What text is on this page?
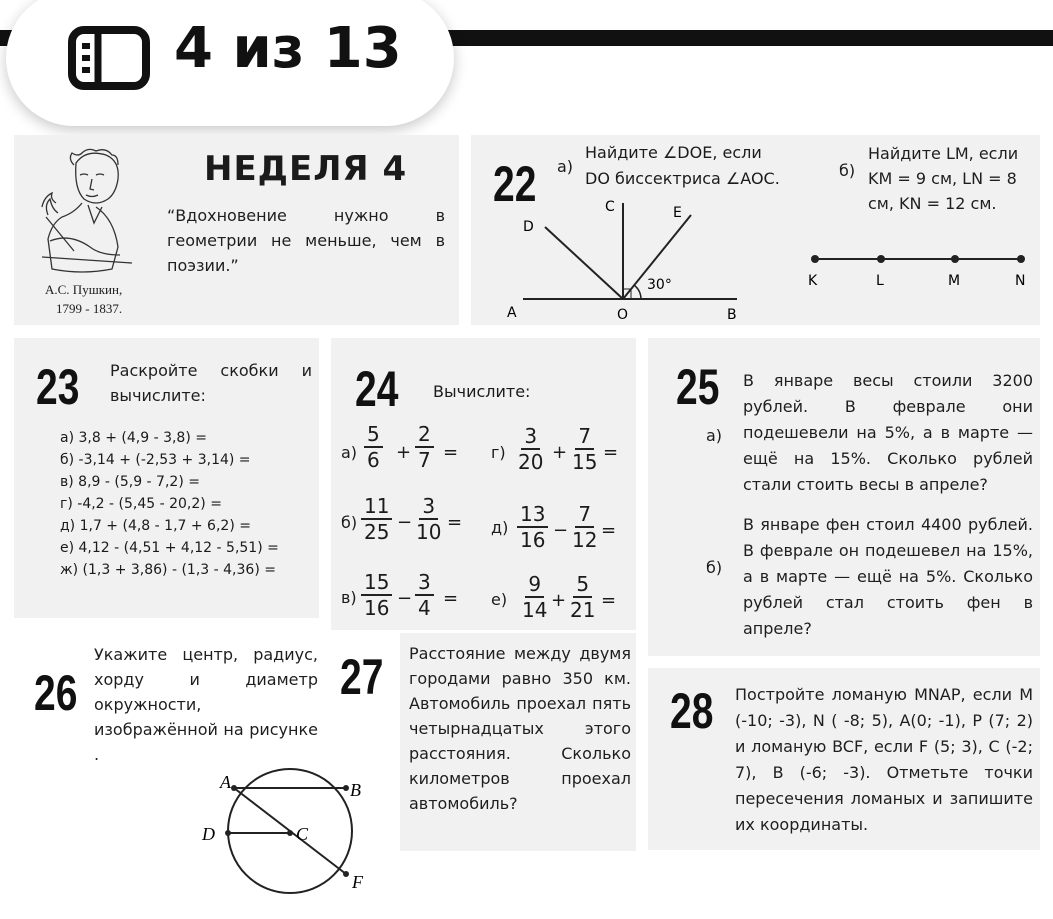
4 из 13
А.С. Пушкин,
1799 - 1837.
НЕДЕЛЯ 4
“Вдохновение нужно в геометрии не меньше, чем в поэзии.”
22 а)
Найдите ∠DOE, если
DO биссектриса ∠AOC.	б)
Найдите LM, если KM = 9 см, LN = 8 см, KN = 12 см.
D
C	E
A	O	B
30°	K	L	M	N
23 Раскройте скобки и вычислите:
а) 3,8 + (4,9 - 3,8) =
б) -3,14 + (-2,53 + 3,14) =
в) 8,9 - (5,9 - 7,2) =
г) -4,2 - (5,45 - 20,2) =
д) 1,7 + (4,8 - 1,7 + 6,2) =
е) 4,12 - (4,51 + 4,12 - 5,51) =
ж) (1,3 + 3,86) - (1,3 - 4,36) =
24 Вычислите:
$а) \frac{5}{6} + \frac{2}{7} = г) \frac{3}{20} + \frac{7}{15}$ =
$б) \frac{11}{25} - \frac{3}{10} = д) \frac{13}{16} - \frac{7}{12}$ =
$в) \frac{15}{16} - \frac{3}{4} = е) \frac{9}{14} + \frac{5}{21}$ =
25
а)
В январе весы стоили 3200 рублей. В феврале они подешевели на 5%, а в марте — ещё на 15%. Сколько рублей стали стоить весы в апреле?
б)
В январе фен стоил 4400 рублей. В феврале он подешевел на 15%, а в марте — ещё на 5%. Сколько рублей стал стоить фен в апреле?
26
Укажите центр, радиус, хорду и диаметр окружности, изображённой на рисунке .
A	B
D	C
F
27 Расстояние между двумя городами равно 350 км. Автомобиль проехал пять четырнадцатых этого расстояния. Сколько километров проехал автомобиль?
28 Постройте ломаную MNAP, если M (-10; -3), N ( -8; 5), A(0; -1), P (7; 2) и ломаную BCF, если F (5; 3), C (-2; 7), B (-6; -3). Отметьте точки пересечения ломаных и запишите их координаты.
